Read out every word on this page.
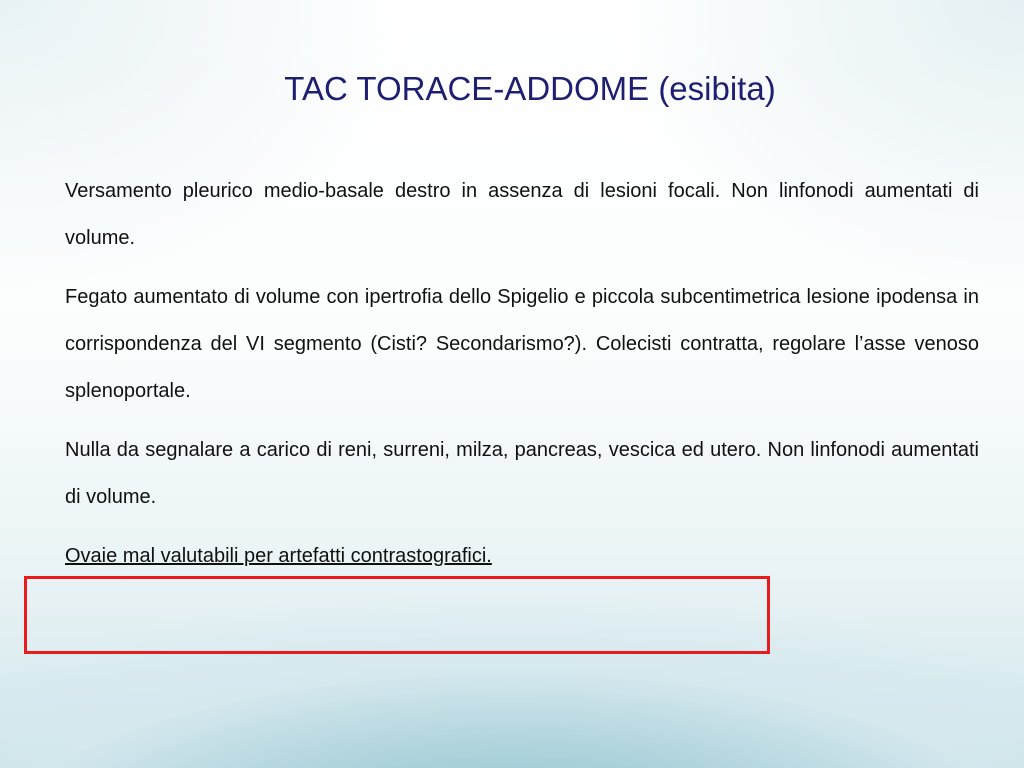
TAC TORACE-ADDOME (esibita)

Versamento pleurico medio-basale destro in assenza di lesioni focali. Non linfonodi aumentati di volume.

Fegato aumentato di volume con ipertrofia dello Spigelio e piccola subcentimetrica lesione ipodensa in corrispondenza del VI segmento (Cisti? Secondarismo?). Colecisti contratta, regolare l’asse venoso splenoportale.

Nulla da segnalare a carico di reni, surreni, milza, pancreas, vescica ed utero. Non linfonodi aumentati di volume.

Ovaie mal valutabili per artefatti contrastografici.
